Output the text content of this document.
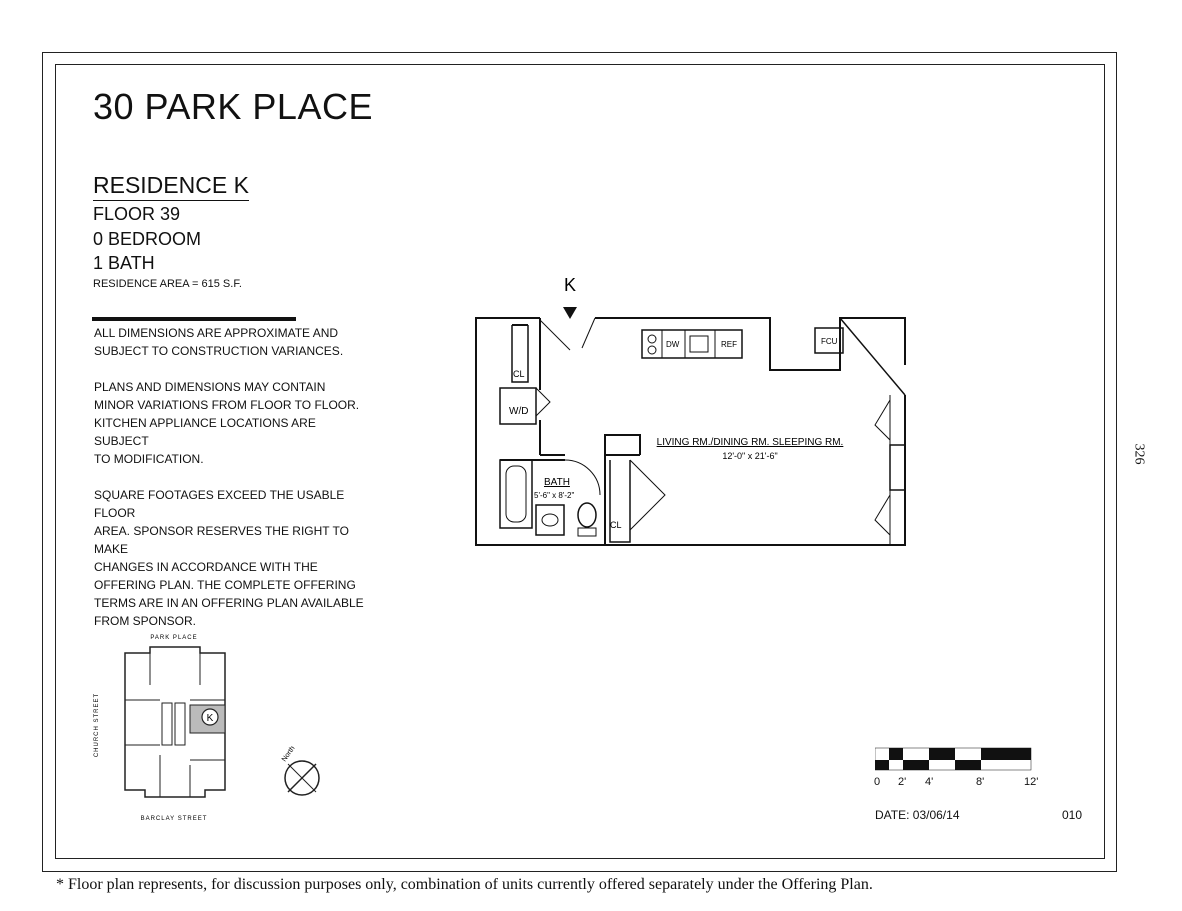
30 PARK PLACE
RESIDENCE K
FLOOR 39
0 BEDROOM
1 BATH
RESIDENCE AREA = 615 S.F.

ALL DIMENSIONS ARE APPROXIMATE AND
SUBJECT TO CONSTRUCTION VARIANCES.

PLANS AND DIMENSIONS MAY CONTAIN
MINOR VARIATIONS FROM FLOOR TO FLOOR.
KITCHEN APPLIANCE LOCATIONS ARE SUBJECT
TO MODIFICATION.

SQUARE FOOTAGES EXCEED THE USABLE FLOOR
AREA. SPONSOR RESERVES THE RIGHT TO MAKE
CHANGES IN ACCORDANCE WITH THE
OFFERING PLAN. THE COMPLETE OFFERING
TERMS ARE IN AN OFFERING PLAN AVAILABLE
FROM SPONSOR.

K
CL
W/D
DW	REF	FCU
BATH
5'-6" x 8'-2"
CL
LIVING RM./DINING RM. SLEEPING RM.
12'-0" x 21'-6"
PARK PLACE
BARCLAY STREET
CHURCH STREET	K
North
0 2' 4'	8'	12'
DATE: 03/06/14	010
326
* Floor plan represents, for discussion purposes only, combination of units currently offered separately under the Offering Plan.
